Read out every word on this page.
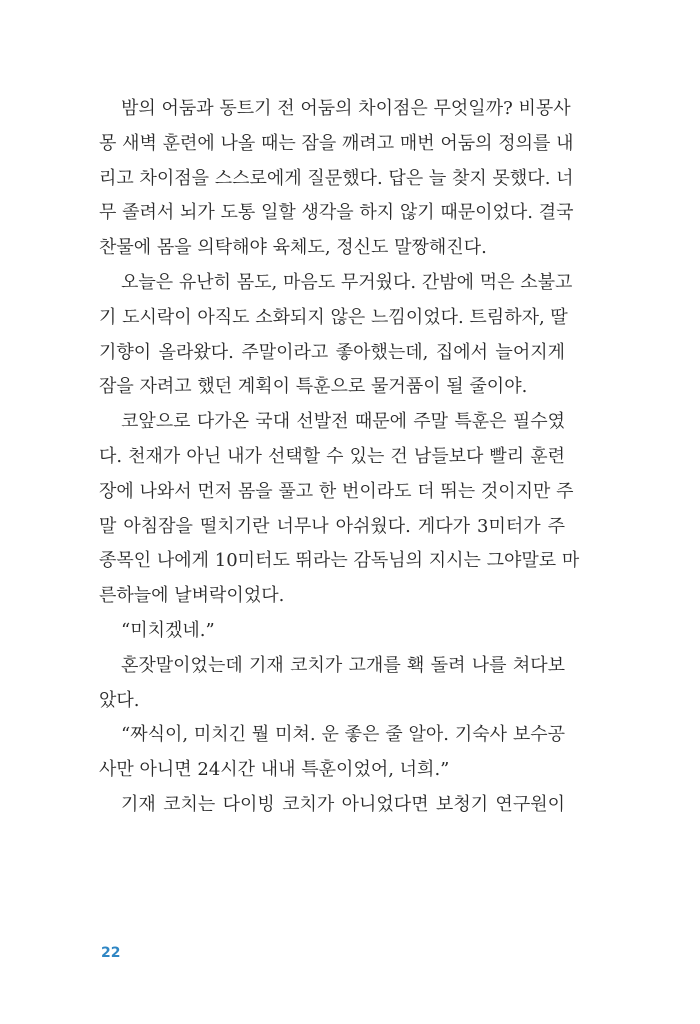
밤의 어둠과 동트기 전 어둠의 차이점은 무엇일까? 비몽사
몽 새벽 훈련에 나올 때는 잠을 깨려고 매번 어둠의 정의를 내
리고 차이점을 스스로에게 질문했다. 답은 늘 찾지 못했다. 너
무 졸려서 뇌가 도통 일할 생각을 하지 않기 때문이었다. 결국
찬물에 몸을 의탁해야 육체도, 정신도 말짱해진다.
오늘은 유난히 몸도, 마음도 무거웠다. 간밤에 먹은 소불고
기 도시락이 아직도 소화되지 않은 느낌이었다. 트림하자, 딸
기향이 올라왔다. 주말이라고 좋아했는데, 집에서 늘어지게
잠을 자려고 했던 계획이 특훈으로 물거품이 될 줄이야.
코앞으로 다가온 국대 선발전 때문에 주말 특훈은 필수였
다. 천재가 아닌 내가 선택할 수 있는 건 남들보다 빨리 훈련
장에 나와서 먼저 몸을 풀고 한 번이라도 더 뛰는 것이지만 주
말 아침잠을 떨치기란 너무나 아쉬웠다. 게다가 3미터가 주
종목인 나에게 10미터도 뛰라는 감독님의 지시는 그야말로 마
른하늘에 날벼락이었다.
“미치겠네.”
혼잣말이었는데 기재 코치가 고개를 홱 돌려 나를 쳐다보
았다.
“짜식이, 미치긴 뭘 미쳐. 운 좋은 줄 알아. 기숙사 보수공
사만 아니면 24시간 내내 특훈이었어, 너희.”
기재 코치는 다이빙 코치가 아니었다면 보청기 연구원이
22
